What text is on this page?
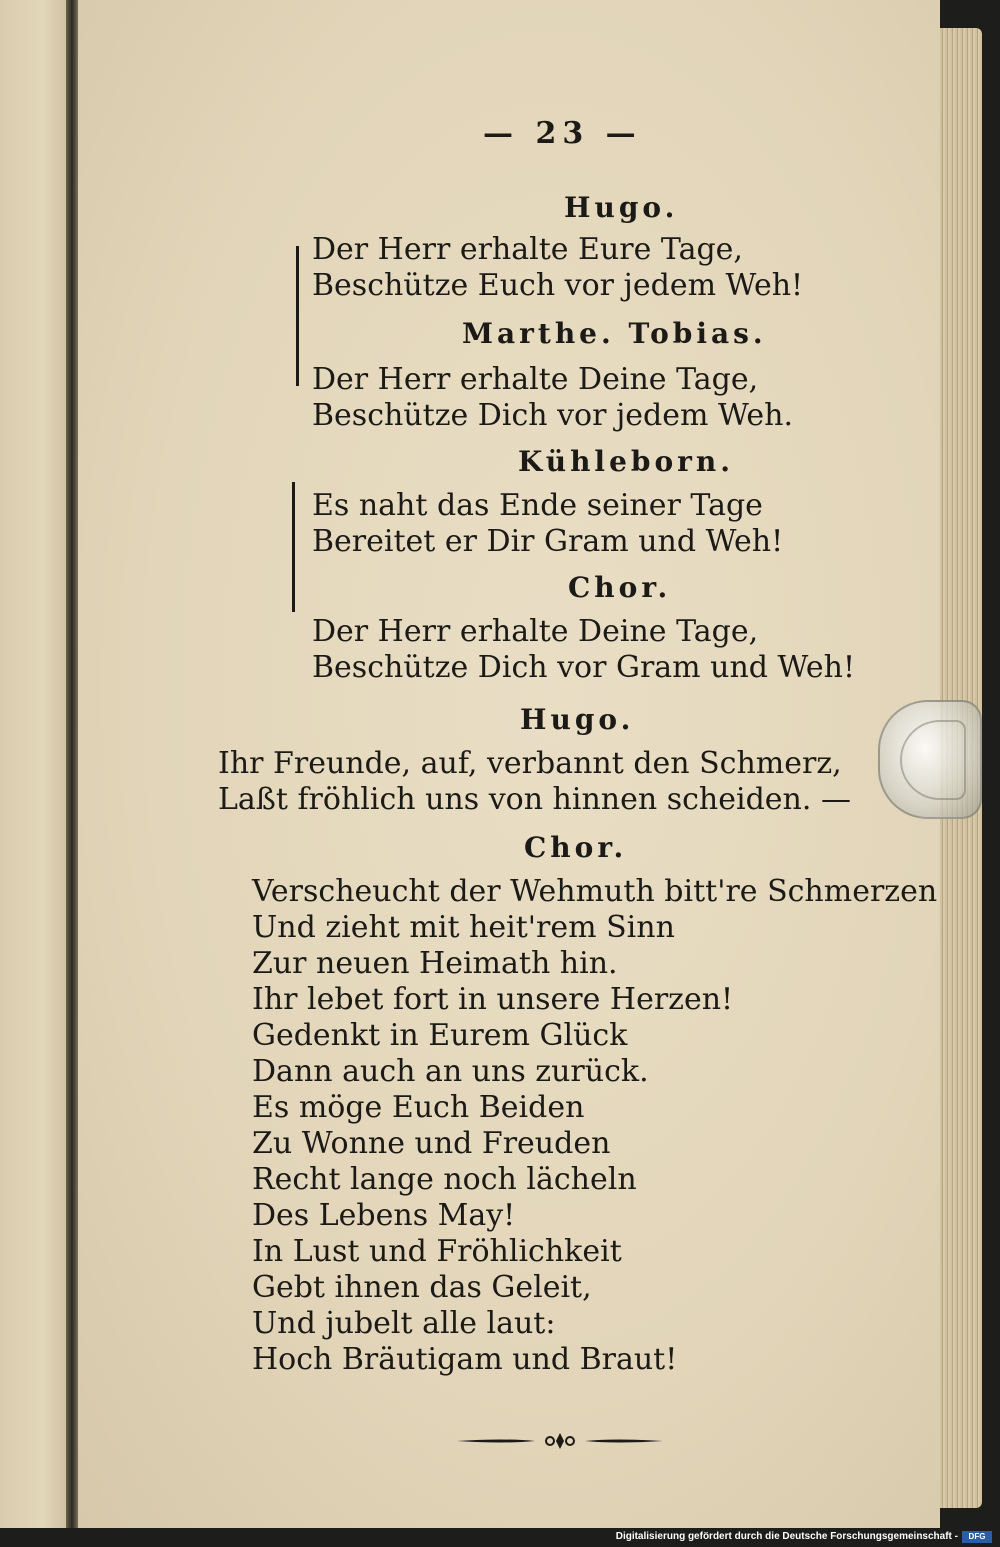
— 23 —
Hugo.
Der Herr erhalte Eure Tage,
Beschütze Euch vor jedem Weh!
Marthe. Tobias.
Der Herr erhalte Deine Tage,
Beschütze Dich vor jedem Weh.
Kühleborn.
Es naht das Ende seiner Tage
Bereitet er Dir Gram und Weh!
Chor.
Der Herr erhalte Deine Tage,
Beschütze Dich vor Gram und Weh!
Hugo.
Ihr Freunde, auf, verbannt den Schmerz,
Laßt fröhlich uns von hinnen scheiden. —
Chor.
Verscheucht der Wehmuth bitt're Schmerzen
Und zieht mit heit'rem Sinn
Zur neuen Heimath hin.
Ihr lebet fort in unsere Herzen!
Gedenkt in Eurem Glück
Dann auch an uns zurück.
Es möge Euch Beiden
Zu Wonne und Freuden
Recht lange noch lächeln
Des Lebens May!
In Lust und Fröhlichkeit
Gebt ihnen das Geleit,
Und jubelt alle laut:
Hoch Bräutigam und Braut!
Digitalisierung gefördert durch die Deutsche Forschungsgemeinschaft -	DFG
